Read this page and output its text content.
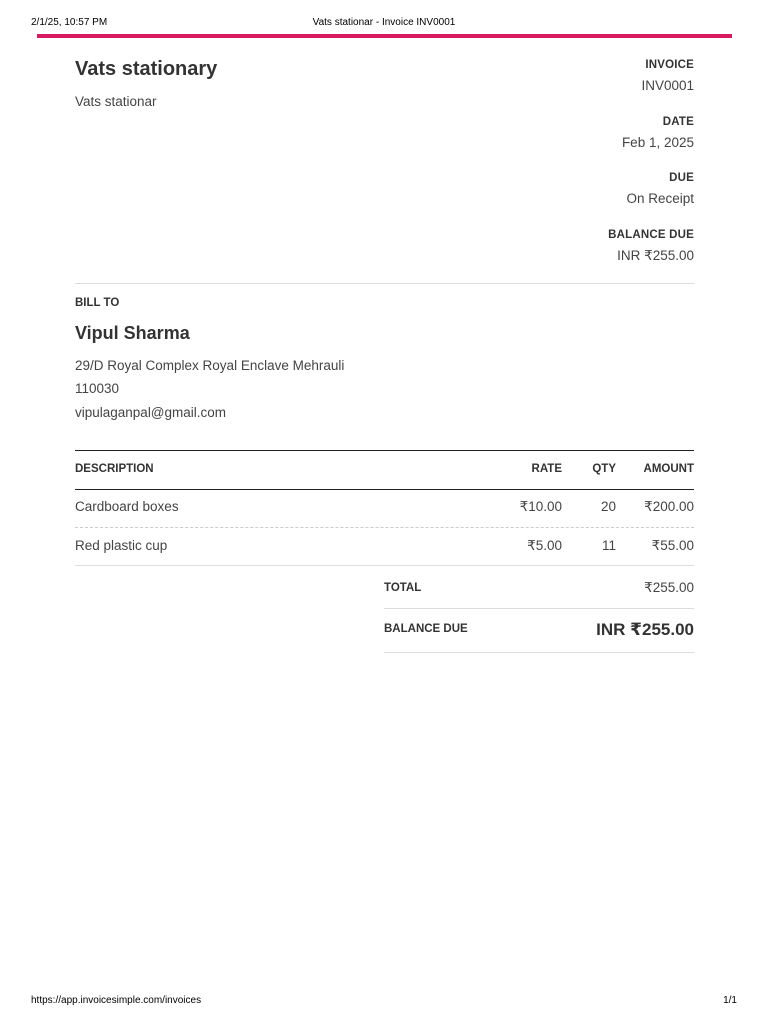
2/1/25, 10:57 PM	Vats stationar - Invoice INV0001
Vats stationary
Vats stationar
INVOICE
INV0001
DATE
Feb 1, 2025
DUE
On Receipt
BALANCE DUE
INR ₹255.00
BILL TO
Vipul Sharma
29/D Royal Complex Royal Enclave Mehrauli
110030
vipulaganpal@gmail.com
DESCRIPTION	RATE	QTY	AMOUNT
Cardboard boxes	₹10.00	20	₹200.00
Red plastic cup	₹5.00	11	₹55.00
TOTAL	₹255.00
BALANCE DUE	INR ₹255.00
https://app.invoicesimple.com/invoices	1/1
